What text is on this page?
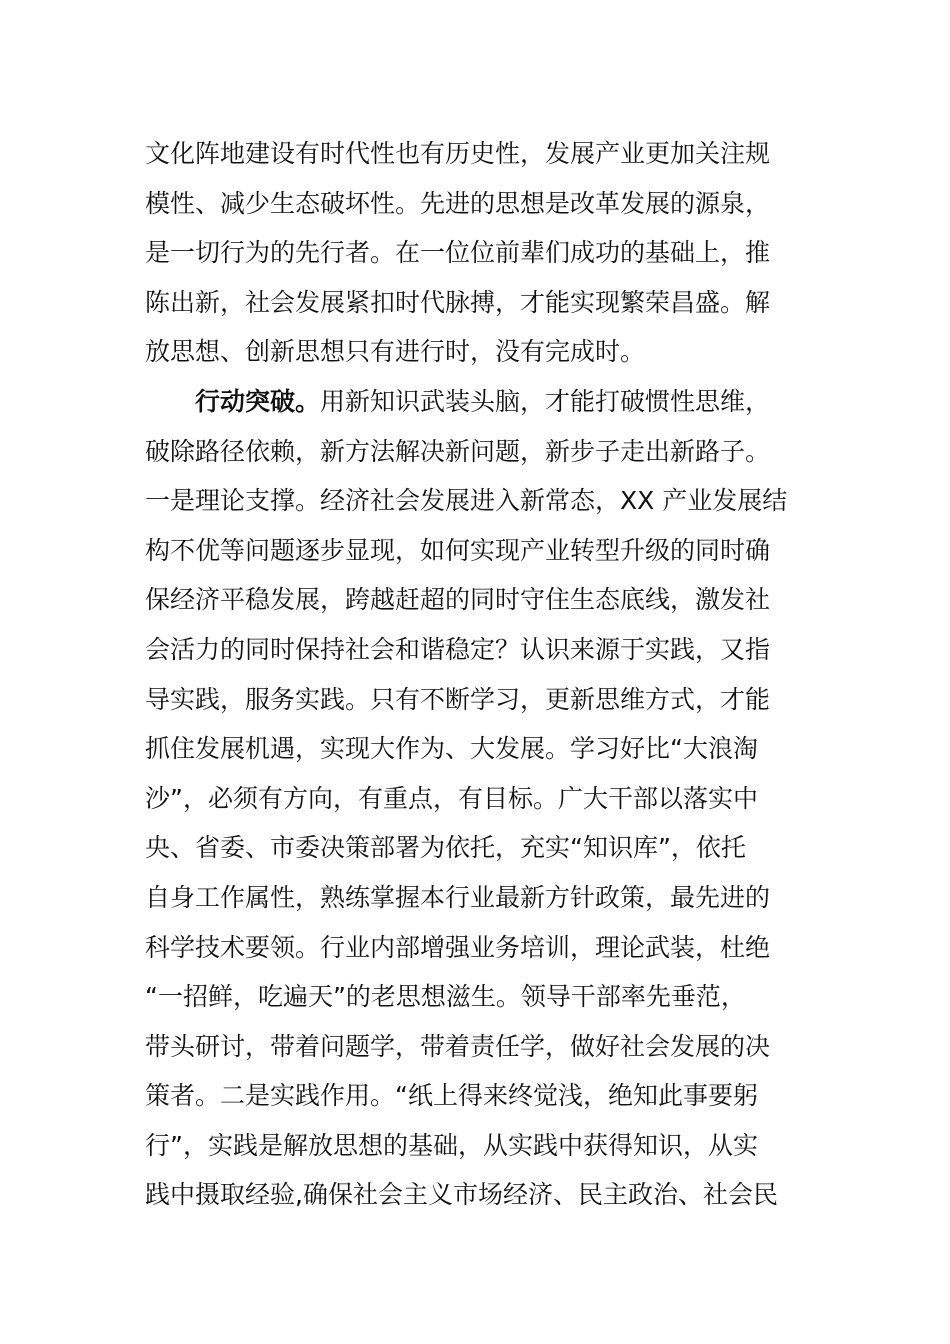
文化阵地建设有时代性也有历史性，发展产业更加关注规
模性、减少生态破坏性。先进的思想是改革发展的源泉，
是一切行为的先行者。在一位位前辈们成功的基础上，推
陈出新，社会发展紧扣时代脉搏，才能实现繁荣昌盛。解
放思想、创新思想只有进行时，没有完成时。
行动突破。用新知识武装头脑，才能打破惯性思维，
破除路径依赖，新方法解决新问题，新步子走出新路子。
一是理论支撑。经济社会发展进入新常态，XX 产业发展结
构不优等问题逐步显现，如何实现产业转型升级的同时确
保经济平稳发展，跨越赶超的同时守住生态底线，激发社
会活力的同时保持社会和谐稳定？认识来源于实践，又指
导实践，服务实践。只有不断学习，更新思维方式，才能
抓住发展机遇，实现大作为、大发展。学习好比“大浪淘
沙”，必须有方向，有重点，有目标。广大干部以落实中
央、省委、市委决策部署为依托，充实“知识库”，依托
自身工作属性，熟练掌握本行业最新方针政策，最先进的
科学技术要领。行业内部增强业务培训，理论武装，杜绝
“一招鲜，吃遍天”的老思想滋生。领导干部率先垂范，
带头研讨，带着问题学，带着责任学，做好社会发展的决
策者。二是实践作用。“纸上得来终觉浅，绝知此事要躬
行”，实践是解放思想的基础，从实践中获得知识，从实
践中摄取经验,确保社会主义市场经济、民主政治、社会民
